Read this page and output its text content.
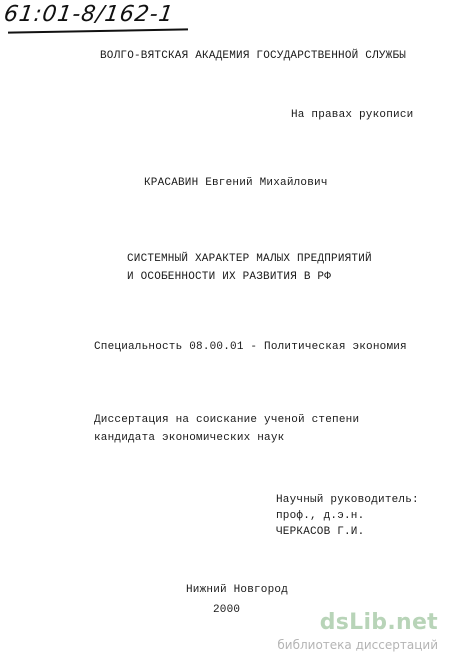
61:01-8/162-1
ВОЛГО-ВЯТСКАЯ АКАДЕМИЯ ГОСУДАРСТВЕННОЙ СЛУЖБЫ
На правах рукописи
КРАСАВИН Евгений Михайлович
СИСТЕМНЫЙ ХАРАКТЕР МАЛЫХ ПРЕДПРИЯТИЙ
И ОСОБЕННОСТИ ИХ РАЗВИТИЯ В РФ
Специальность 08.00.01 - Политическая экономия
Диссертация на соискание ученой степени
кандидата экономических наук
Научный руководитель:
проф., д.э.н.
ЧЕРКАСОВ Г.И.
Нижний Новгород
2000	dsLib.net
библиотека диссертаций
